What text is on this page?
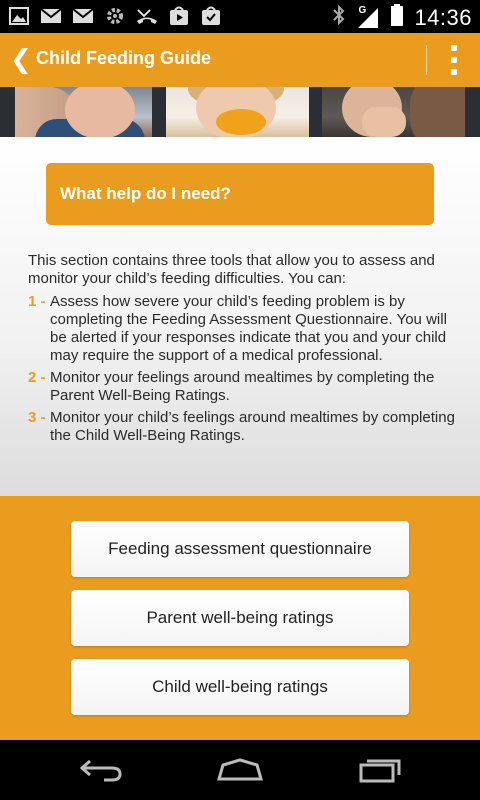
G 14:36
❮ Child Feeding Guide
What help do I need?

This section contains three tools that allow you to assess and monitor your child’s feeding difficulties. You can:

1 - Assess how severe your child’s feeding problem is by completing the Feeding Assessment Questionnaire. You will be alerted if your responses indicate that you and your child may require the support of a medical professional.
2 - Monitor your feelings around mealtimes by completing the Parent Well-Being Ratings.
3 - Monitor your child’s feelings around mealtimes by completing the Child Well-Being Ratings.
Feeding assessment questionnaire
Parent well-being ratings
Child well-being ratings
